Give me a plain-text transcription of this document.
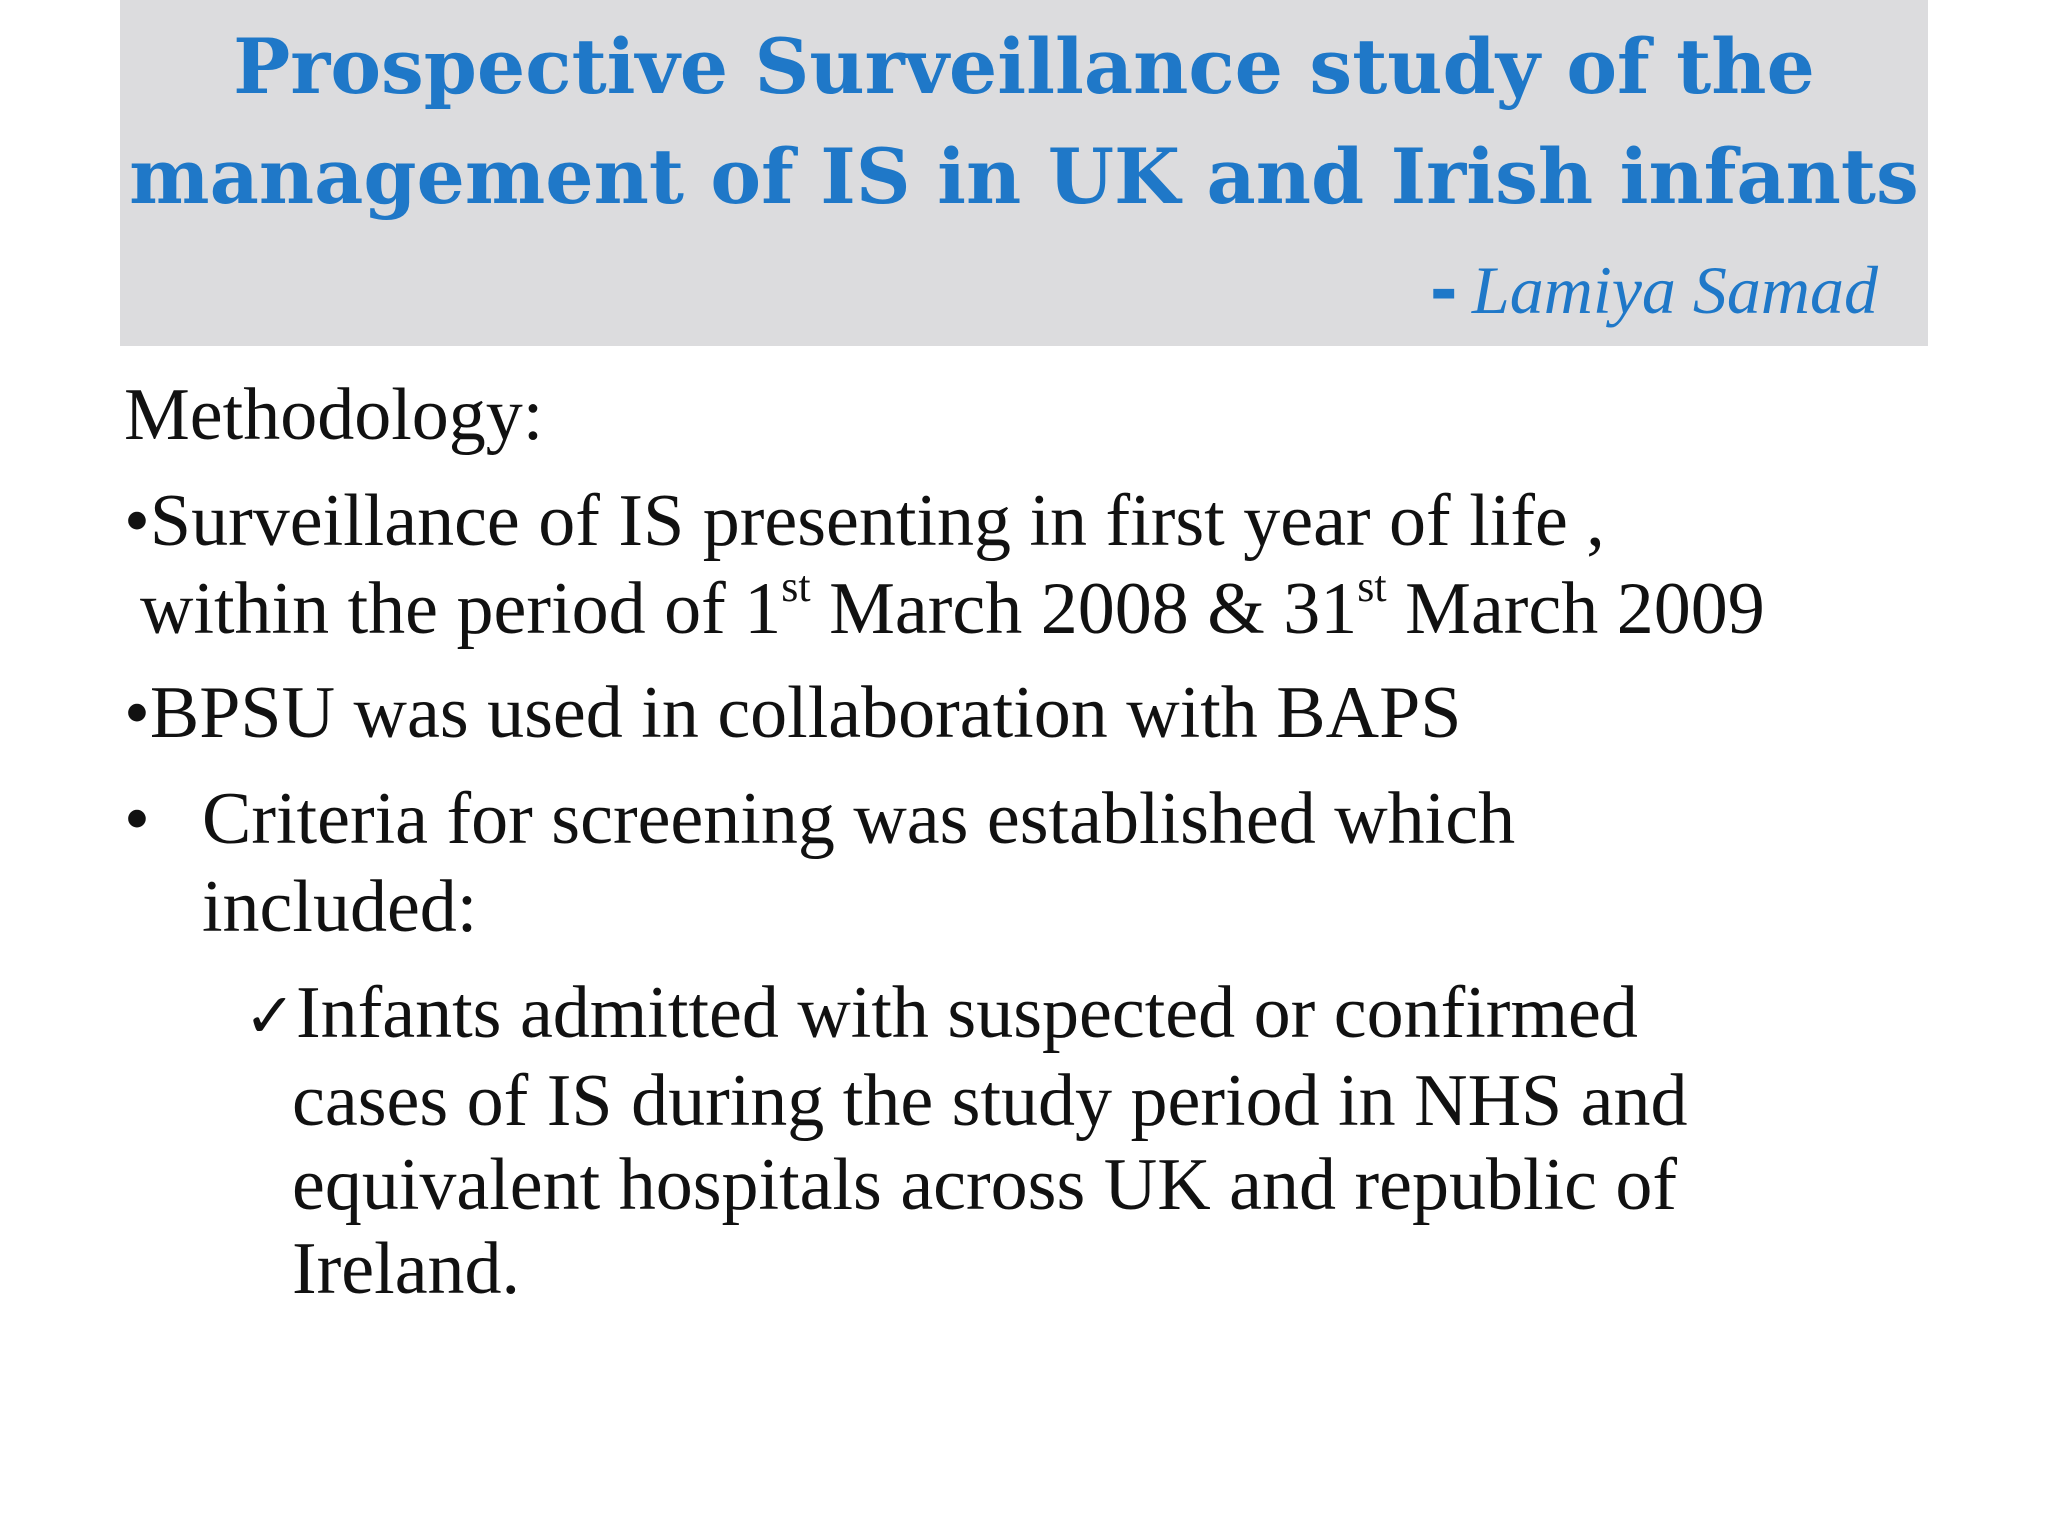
Prospective Surveillance study of the
management of IS in UK and Irish infants
- Lamiya Samad
Methodology:
•Surveillance of IS presenting in first year of life ,
within the period of 1st March 2008 & 31st March 2009
•BPSU was used in collaboration with BAPS
• Criteria for screening was established which
included:
✓Infants admitted with suspected or confirmed
cases of IS during the study period in NHS and
equivalent hospitals across UK and republic of
Ireland.
